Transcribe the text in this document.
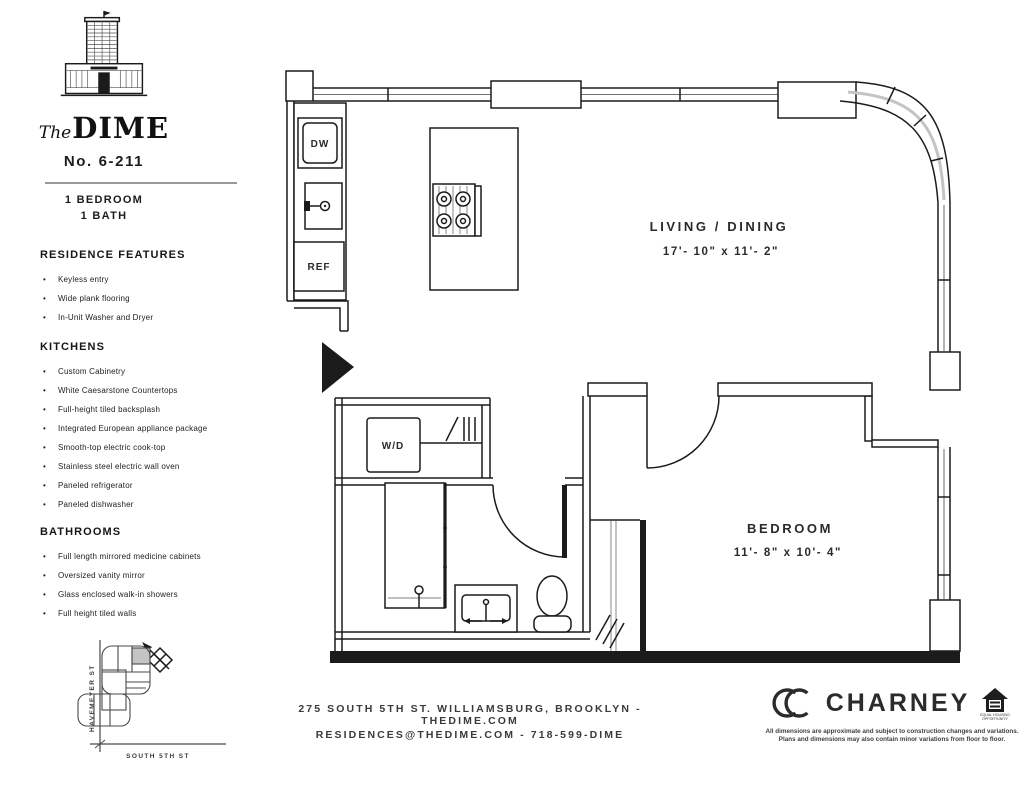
The DIME
No. 6-211
1 BEDROOM
1 BATH
RESIDENCE FEATURES
• Keyless entry
• Wide plank flooring
• In-Unit Washer and Dryer
KITCHENS
• Custom Cabinetry
• White Caesarstone Countertops
• Full-height tiled backsplash
• Integrated European appliance package
• Smooth-top electric cook-top
• Stainless steel electric wall oven
• Paneled refrigerator
• Paneled dishwasher
BATHROOMS
• Full length mirrored medicine cabinets
• Oversized vanity mirror
• Glass enclosed walk-in showers
• Full height tiled walls
HAVEMEYER ST
SOUTH 5TH ST
DW
REF
W/D
LIVING / DINING
17'- 10" x 11'- 2"
BEDROOM
11'- 8" x 10'- 4"
275 SOUTH 5TH ST. WILLIAMSBURG, BROOKLYN - THEDIME.COM
RESIDENCES@THEDIME.COM - 718-599-DIME
CHARNEY	EQUAL HOUSING
OPPORTUNITY
All dimensions are approximate and subject to construction changes and variations.
Plans and dimensions may also contain minor variations from floor to floor.
